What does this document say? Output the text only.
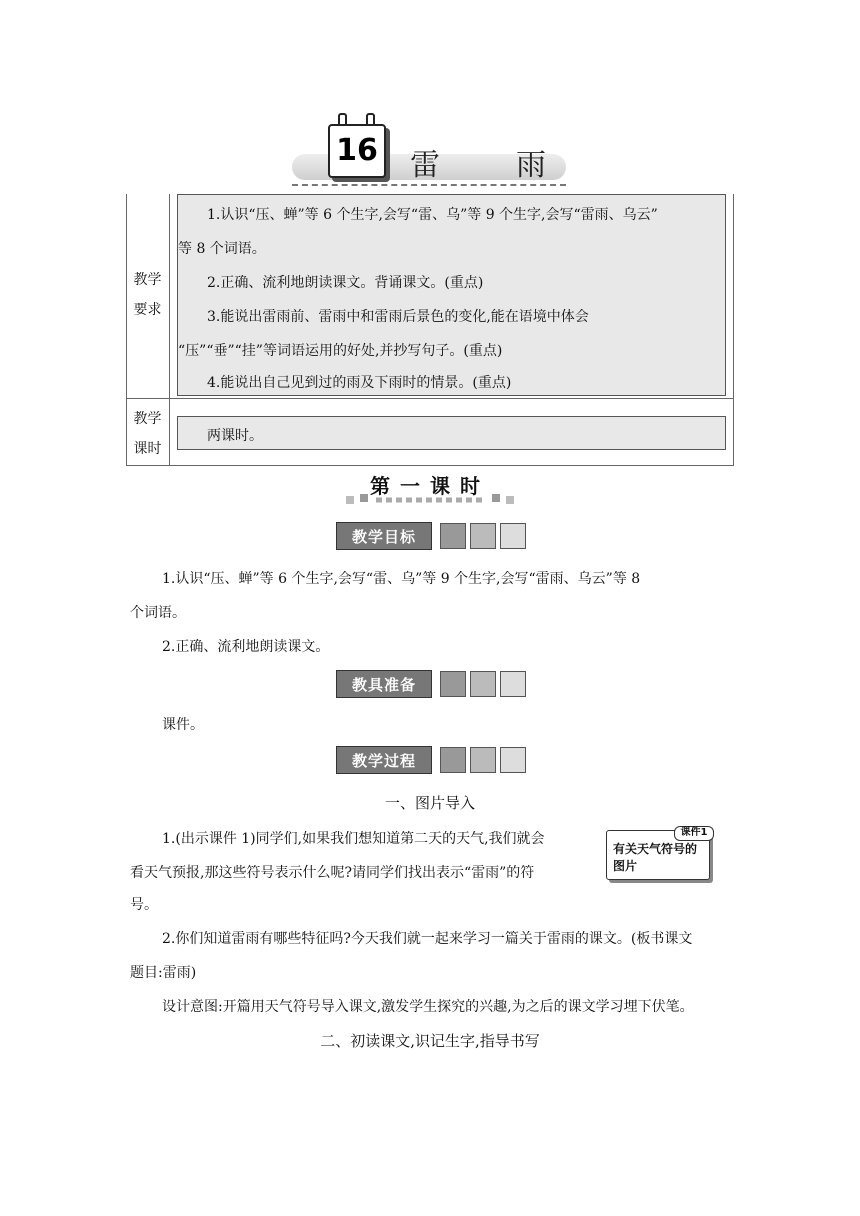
16 雷	雨
教学
要求
1.认识“压、蝉”等 6 个生字,会写“雷、乌”等 9 个生字,会写“雷雨、乌云”
等 8 个词语。
2.正确、流利地朗读课文。背诵课文。(重点)
3.能说出雷雨前、雷雨中和雷雨后景色的变化,能在语境中体会
“压”“垂”“挂”等词语运用的好处,并抄写句子。(重点)
4.能说出自己见到过的雨及下雨时的情景。(重点)
教学
课时
两课时。
第一课时
教学目标
1.认识“压、蝉”等 6 个生字,会写“雷、乌”等 9 个生字,会写“雷雨、乌云”等 8
个词语。
2.正确、流利地朗读课文。
教具准备
课件。
教学过程
一、图片导入
1.(出示课件 1)同学们,如果我们想知道第二天的天气,我们就会
看天气预报,那这些符号表示什么呢?请同学们找出表示“雷雨”的符
号。
有关天气符号的
图片
课件1
2.你们知道雷雨有哪些特征吗?今天我们就一起来学习一篇关于雷雨的课文。(板书课文
题目:雷雨)
设计意图:开篇用天气符号导入课文,激发学生探究的兴趣,为之后的课文学习埋下伏笔。
二、初读课文,识记生字,指导书写
